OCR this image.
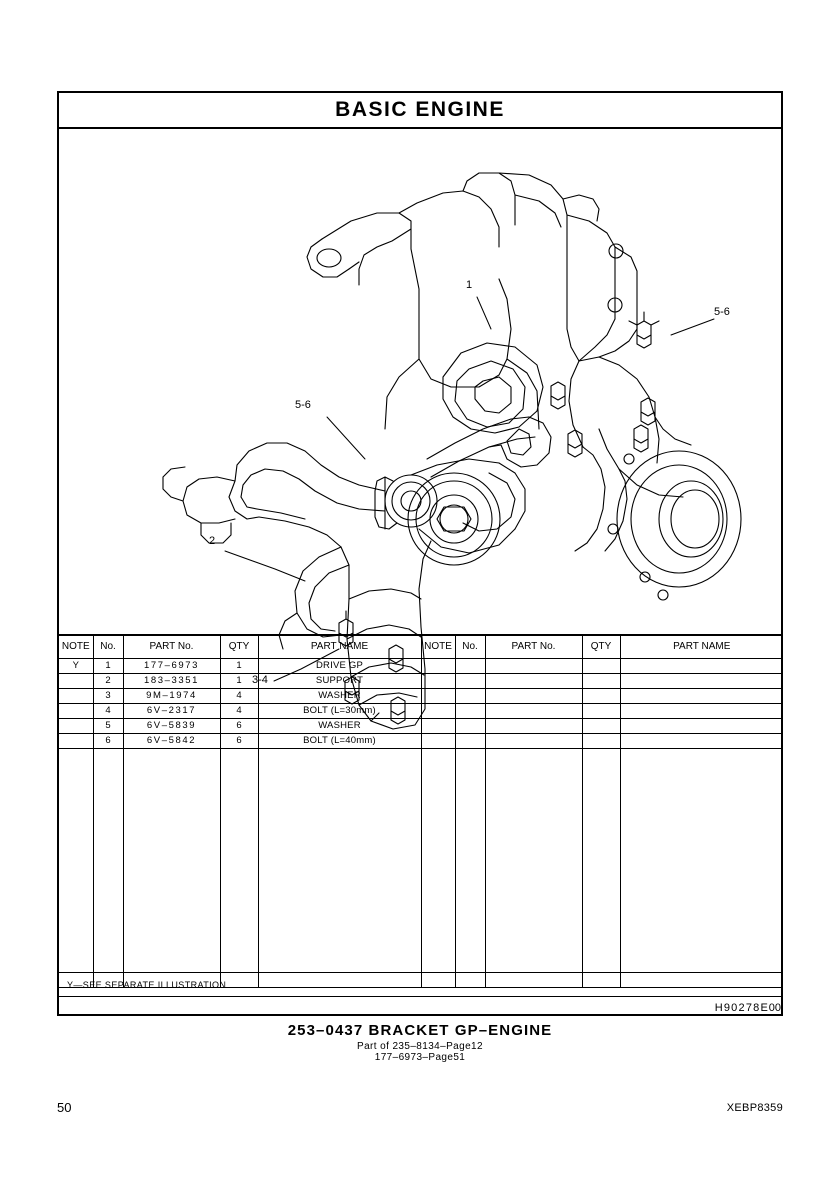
BASIC ENGINE
1
5-6
5-6
2
3-4
NOTE	No.	PART No.	QTY	PART NAME	NOTE	No.	PART No.	QTY	PART NAME
Y	1	177–6973	1	DRIVE GP					
	2	183–3351	1	SUPPORT					
	3	9M–1974	4	WASHER					
	4	6V–2317	4	BOLT (L=30mm)					
	5	6V–5839	6	WASHER					
	6	6V–5842	6	BOLT (L=40mm)					

Y—SEE SEPARATE ILLUSTRATION
H90278E 00
253–0437 BRACKET GP–ENGINE
Part of 235–8134–Page12
177–6973–Page51
50	XEBP8359
